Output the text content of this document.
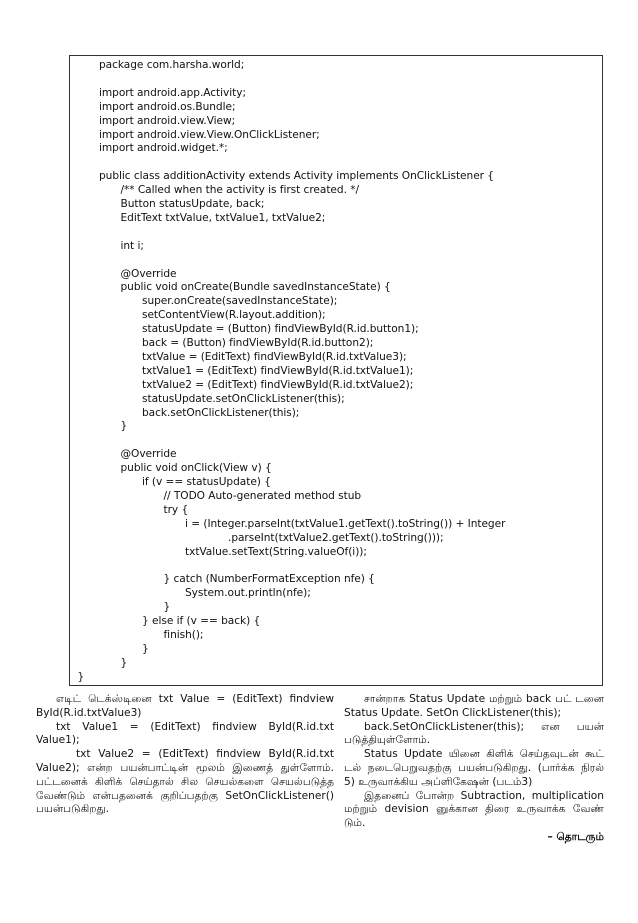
package com.harsha.world;
import android.app.Activity;
import android.os.Bundle;
import android.view.View;
import android.view.View.OnClickListener;
import android.widget.*;
public class additionActivity extends Activity implements OnClickListener {
/** Called when the activity is first created. */
Button statusUpdate, back;
EditText txtValue, txtValue1, txtValue2;
int i;
@Override
public void onCreate(Bundle savedInstanceState) {
super.onCreate(savedInstanceState);
setContentView(R.layout.addition);
statusUpdate = (Button) findViewById(R.id.button1);
back = (Button) findViewById(R.id.button2);
txtValue = (EditText) findViewById(R.id.txtValue3);
txtValue1 = (EditText) findViewById(R.id.txtValue1);
txtValue2 = (EditText) findViewById(R.id.txtValue2);
statusUpdate.setOnClickListener(this);
back.setOnClickListener(this);
}
@Override
public void onClick(View v) {
if (v == statusUpdate) {
// TODO Auto-generated method stub
try {
i = (Integer.parseInt(txtValue1.getText().toString()) + Integer
.parseInt(txtValue2.getText().toString()));
txtValue.setText(String.valueOf(i));
} catch (NumberFormatException nfe) {
System.out.println(nfe);
}
} else if (v == back) {
finish();
}
}
}

எடிட் டெக்ஸ்டினை txt Value = (EditText) findview ById(R.id.txtValue3)

txt Value1 = (EditText) findview ById(R.id.txt Value1);

txt Value2 = (EditText) findview ById(R.id.txt Value2); என்ற பயன்பாட்டின் மூலம் இணைத் துள்ளோம். பட்டனைக் கிளிக் செய்தால் சில செயல்களை செயல்படுத்த வேண்டும் என்பதனைக் குறிப்பதற்கு SetOnClickListener() பயன்படுகிறது.

சான்றாக Status Update மற்றும் back பட் டனை Status Update. SetOn ClickListener(this);

back.SetOnClickListener(this); என பயன் படுத்தியுள்ளோம்.

Status Update யினை கிளிக் செய்தவுடன் கூட் டல் நடைபெறுவதற்கு பயன்படுகிறது. (பார்க்க நிரல் 5) உருவாக்கிய அப்ளிகேஷன் (படம்3)

இதனைப் போன்ற Subtraction, multiplication மற்றும் devision னுக்கான திரை உருவாக்க வேண் டும்.

– தொடரும்
